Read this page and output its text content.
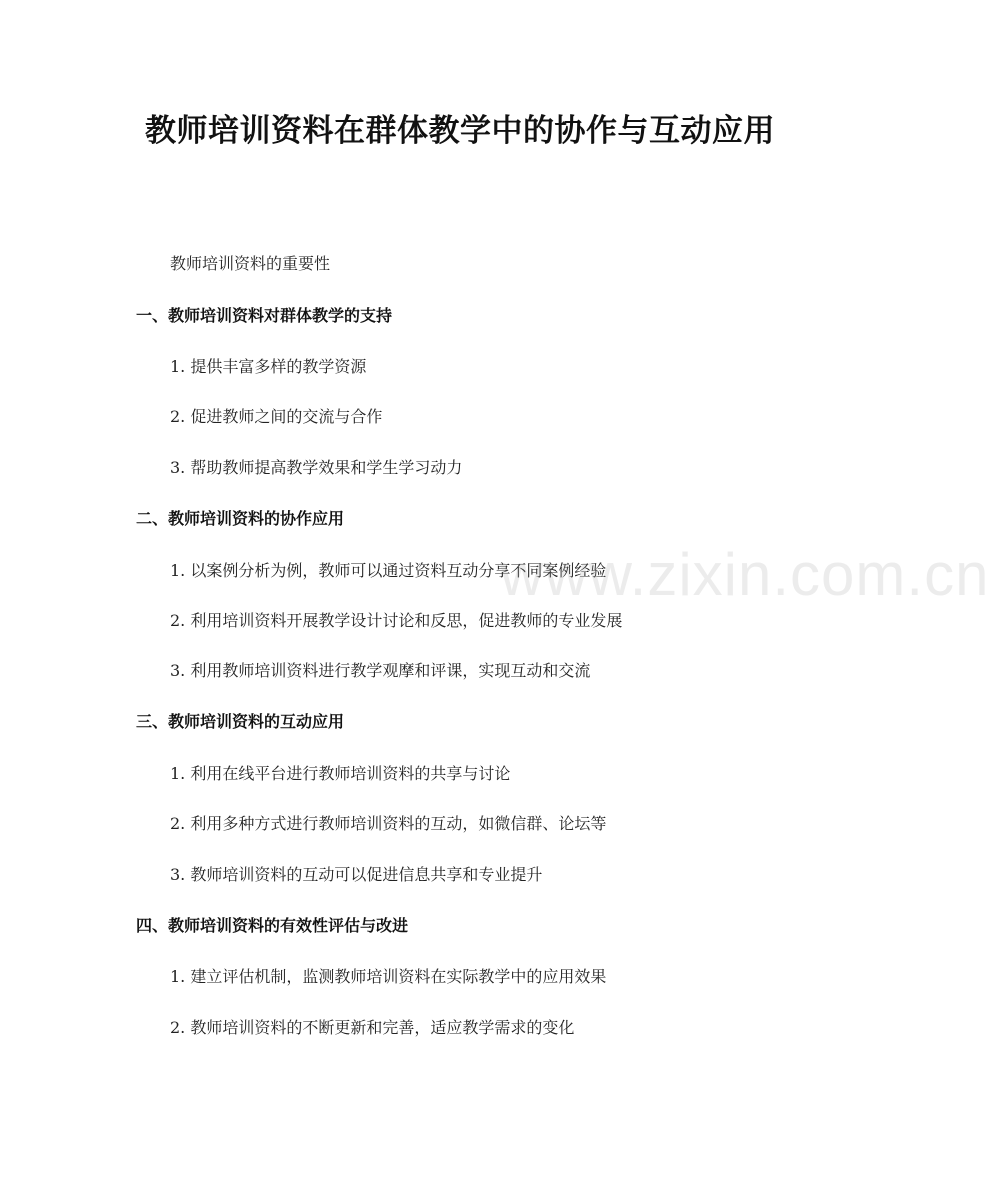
教师培训资料在群体教学中的协作与互动应用
教师培训资料的重要性
一、教师培训资料对群体教学的支持
1. 提供丰富多样的教学资源
2. 促进教师之间的交流与合作
3. 帮助教师提高教学效果和学生学习动力
二、教师培训资料的协作应用
1. 以案例分析为例，教师可以通过资料互动分享不同案例经验
2. 利用培训资料开展教学设计讨论和反思，促进教师的专业发展
3. 利用教师培训资料进行教学观摩和评课，实现互动和交流
三、教师培训资料的互动应用
1. 利用在线平台进行教师培训资料的共享与讨论
2. 利用多种方式进行教师培训资料的互动，如微信群、论坛等
3. 教师培训资料的互动可以促进信息共享和专业提升
四、教师培训资料的有效性评估与改进
1. 建立评估机制，监测教师培训资料在实际教学中的应用效果
2. 教师培训资料的不断更新和完善，适应教学需求的变化
www.zixin.com.cn
